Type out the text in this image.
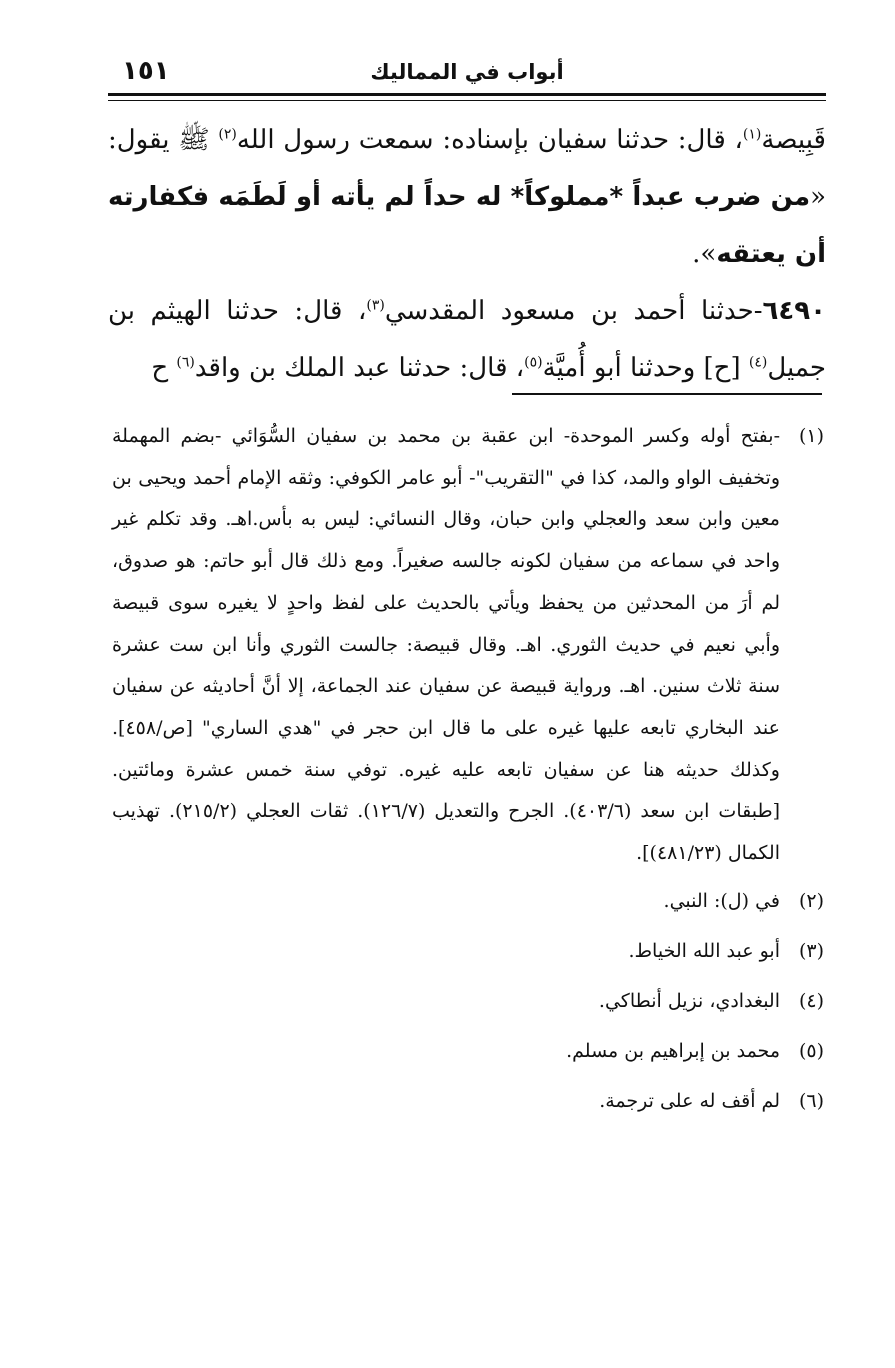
١٥١	أبواب في المماليك

قَبِيصة$^{(١)}$، قال: حدثنا سفيان بإسناده: سمعت رسول الله$^{(٢)}$ ﷺ يقول: «من ضرب عبداً *مملوكاً* له حداً لم يأته أو لَطَمَه فكفارته أن يعتقه».

٦٤٩٠-حدثنا أحمد بن مسعود المقدسي$^{(٣)}$، قال: حدثنا الهيثم بن جميل$^{(٤)}$ [ح] وحدثنا أبو أُميَّة$^{(٥)}$، قال: حدثنا عبد الملك بن واقد$^{(٦)}$ ح

(١)
-بفتح أوله وكسر الموحدة- ابن عقبة بن محمد بن سفيان السُّوَائي -بضم المهملة وتخفيف الواو والمد، كذا في "التقريب"- أبو عامر الكوفي: وثقه الإمام أحمد ويحيى بن معين وابن سعد والعجلي وابن حبان، وقال النسائي: ليس به بأس.اهـ. وقد تكلم غير واحد في سماعه من سفيان لكونه جالسه صغيراً. ومع ذلك قال أبو حاتم: هو صدوق، لم أرَ من المحدثين من يحفظ ويأتي بالحديث على لفظ واحدٍ لا يغيره سوى قبيصة وأبي نعيم في حديث الثوري. اهـ. وقال قبيصة: جالست الثوري وأنا ابن ست عشرة سنة ثلاث سنين. اهـ. ورواية قبيصة عن سفيان عند الجماعة، إلا أنَّ أحاديثه عن سفيان عند البخاري تابعه عليها غيره على ما قال ابن حجر في "هدي الساري" [ص/٤٥٨]. وكذلك حديثه هنا عن سفيان تابعه عليه غيره. توفي سنة خمس عشرة ومائتين. [طبقات ابن سعد (٤٠٣/٦). الجرح والتعديل (١٢٦/٧). ثقات العجلي (٢١٥/٢). تهذيب الكمال (٤٨١/٢٣)].
(٢)
في (ل): النبي.
(٣)
أبو عبد الله الخياط.
(٤)
البغدادي، نزيل أنطاكي.
(٥)
محمد بن إبراهيم بن مسلم.
(٦)
لم أقف له على ترجمة.
